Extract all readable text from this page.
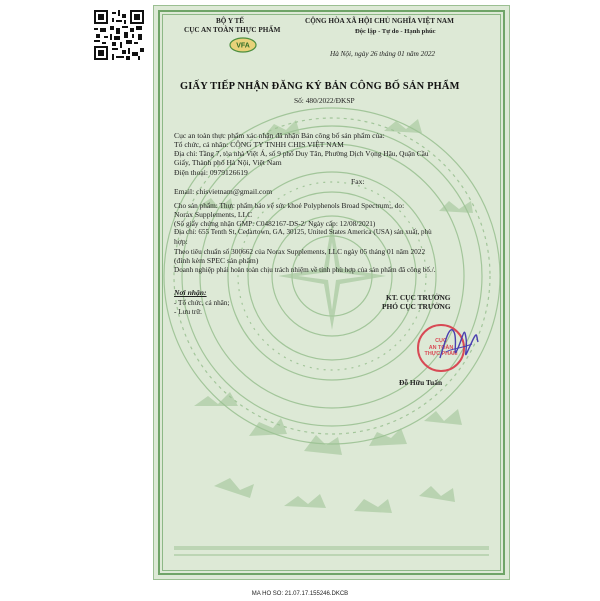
VFA
BỘ Y TẾ
CỤC AN TOÀN THỰC PHẨM
CỘNG HÒA XÃ HỘI CHỦ NGHĨA VIỆT NAM
Độc lập - Tự do - Hạnh phúc
Hà Nội, ngày 26 tháng 01 năm 2022
GIẤY TIẾP NHẬN ĐĂNG KÝ BẢN CÔNG BỐ SẢN PHẨM
Số: 480/2022/ĐKSP
Cục an toàn thực phẩm xác nhận đã nhận Bản công bố sản phẩm của:
Tổ chức, cá nhân: CÔNG TY TNHH CHIS VIỆT NAM
Địa chỉ: Tầng 7, tòa nhà Việt Á, số 9 phố Duy Tân, Phường Dịch Vọng Hậu, Quận Cầu
Giấy, Thành phố Hà Nội, Việt Nam
Điện thoại: 0979126619
Fax:
Email: chisvietnam@gmail.com
Cho sản phẩm: Thực phẩm bảo vệ sức khoẻ Polyphenols Broad Spectrum;, do:
Norax Supplements, LLC
(Số giấy chứng nhận GMP: C0482167-DS-2/ Ngày cấp: 12/08/2021)
Địa chỉ: 655 Tenth St, Cedartown, GA, 30125, United States America (USA) sản xuất, phù
hợp:
Theo tiêu chuẩn số 300662 của Norax Supplements, LLC ngày 05 tháng 01 năm 2022
(đính kèm SPEC sản phẩm)
Doanh nghiệp phải hoàn toàn chịu trách nhiệm về tính phù hợp của sản phẩm đã công bố./.
Nơi nhận:
- Tổ chức, cá nhân;
- Lưu trữ.
KT. CỤC TRƯỞNG
PHÓ CỤC TRƯỞNG
CỤC
AN TOÀN
THỰC PHẨM
Đỗ Hữu Tuấn
MA HO SO: 21.07.17.155246.DKCB
